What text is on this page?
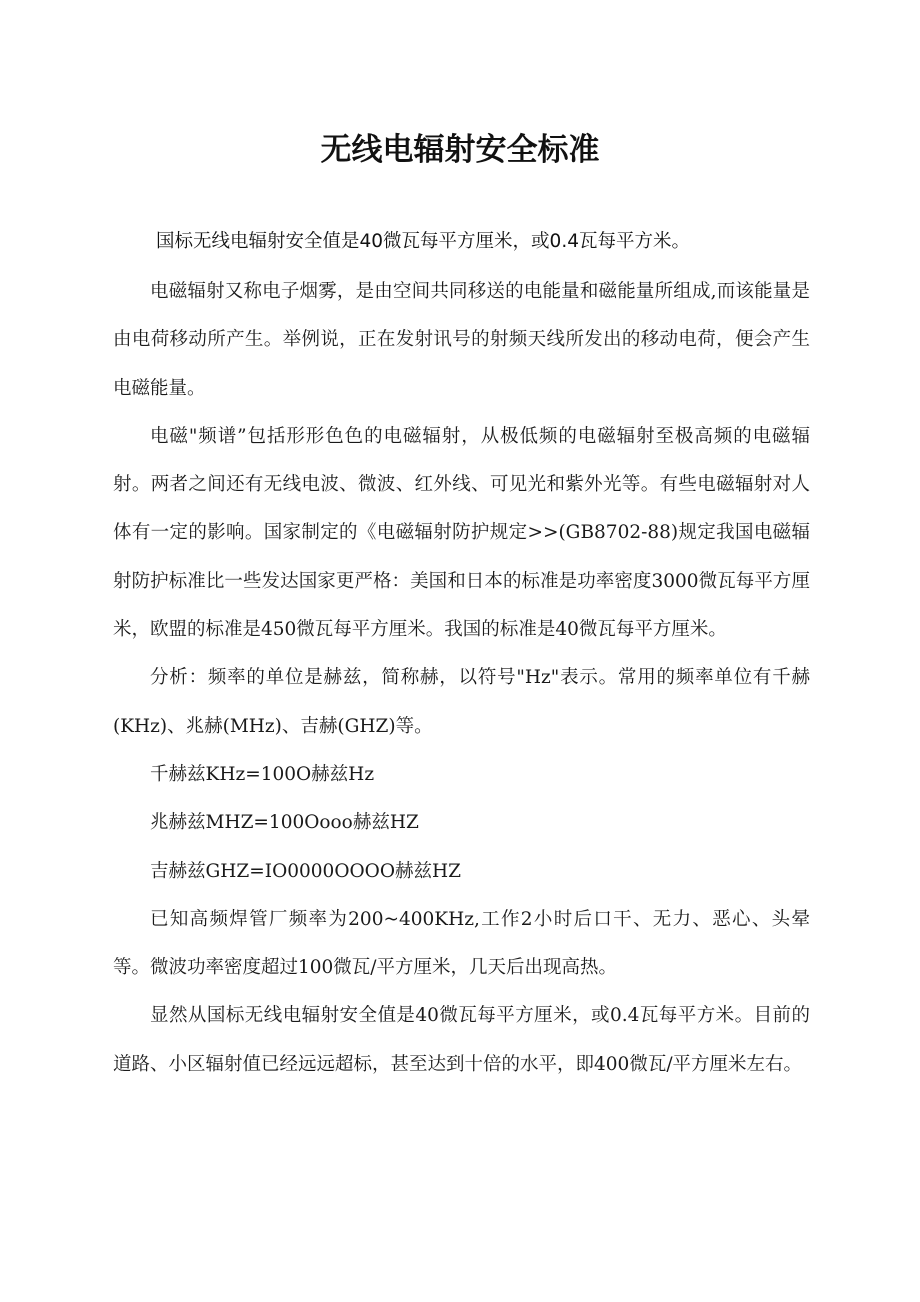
无线电辐射安全标准

国标无线电辐射安全值是40微瓦每平方厘米，或0.4瓦每平方米。

电磁辐射又称电子烟雾，是由空间共同移送的电能量和磁能量所组成,而该能量是由电荷移动所产生。举例说，正在发射讯号的射频天线所发出的移动电荷，便会产生电磁能量。

电磁"频谱”包括形形色色的电磁辐射，从极低频的电磁辐射至极高频的电磁辐射。两者之间还有无线电波、微波、红外线、可见光和紫外光等。有些电磁辐射对人体有一定的影响。国家制定的《电磁辐射防护规定>>(GB8702-88)规定我国电磁辐射防护标准比一些发达国家更严格：美国和日本的标准是功率密度3000微瓦每平方厘米，欧盟的标准是450微瓦每平方厘米。我国的标准是40微瓦每平方厘米。

分析：频率的单位是赫兹，简称赫，以符号"Hz"表示。常用的频率单位有千赫(KHz)、兆赫(MHz)、吉赫(GHZ)等。

千赫兹KHz=100O赫兹Hz

兆赫兹MHZ=100Oooo赫兹HZ

吉赫兹GHZ=IO0000OOOO赫兹HZ

已知高频焊管厂频率为200~400KHz,工作2小时后口干、无力、恶心、头晕等。微波功率密度超过100微瓦/平方厘米，几天后出现高热。

显然从国标无线电辐射安全值是40微瓦每平方厘米，或0.4瓦每平方米。目前的道路、小区辐射值已经远远超标，甚至达到十倍的水平，即400微瓦/平方厘米左右。
